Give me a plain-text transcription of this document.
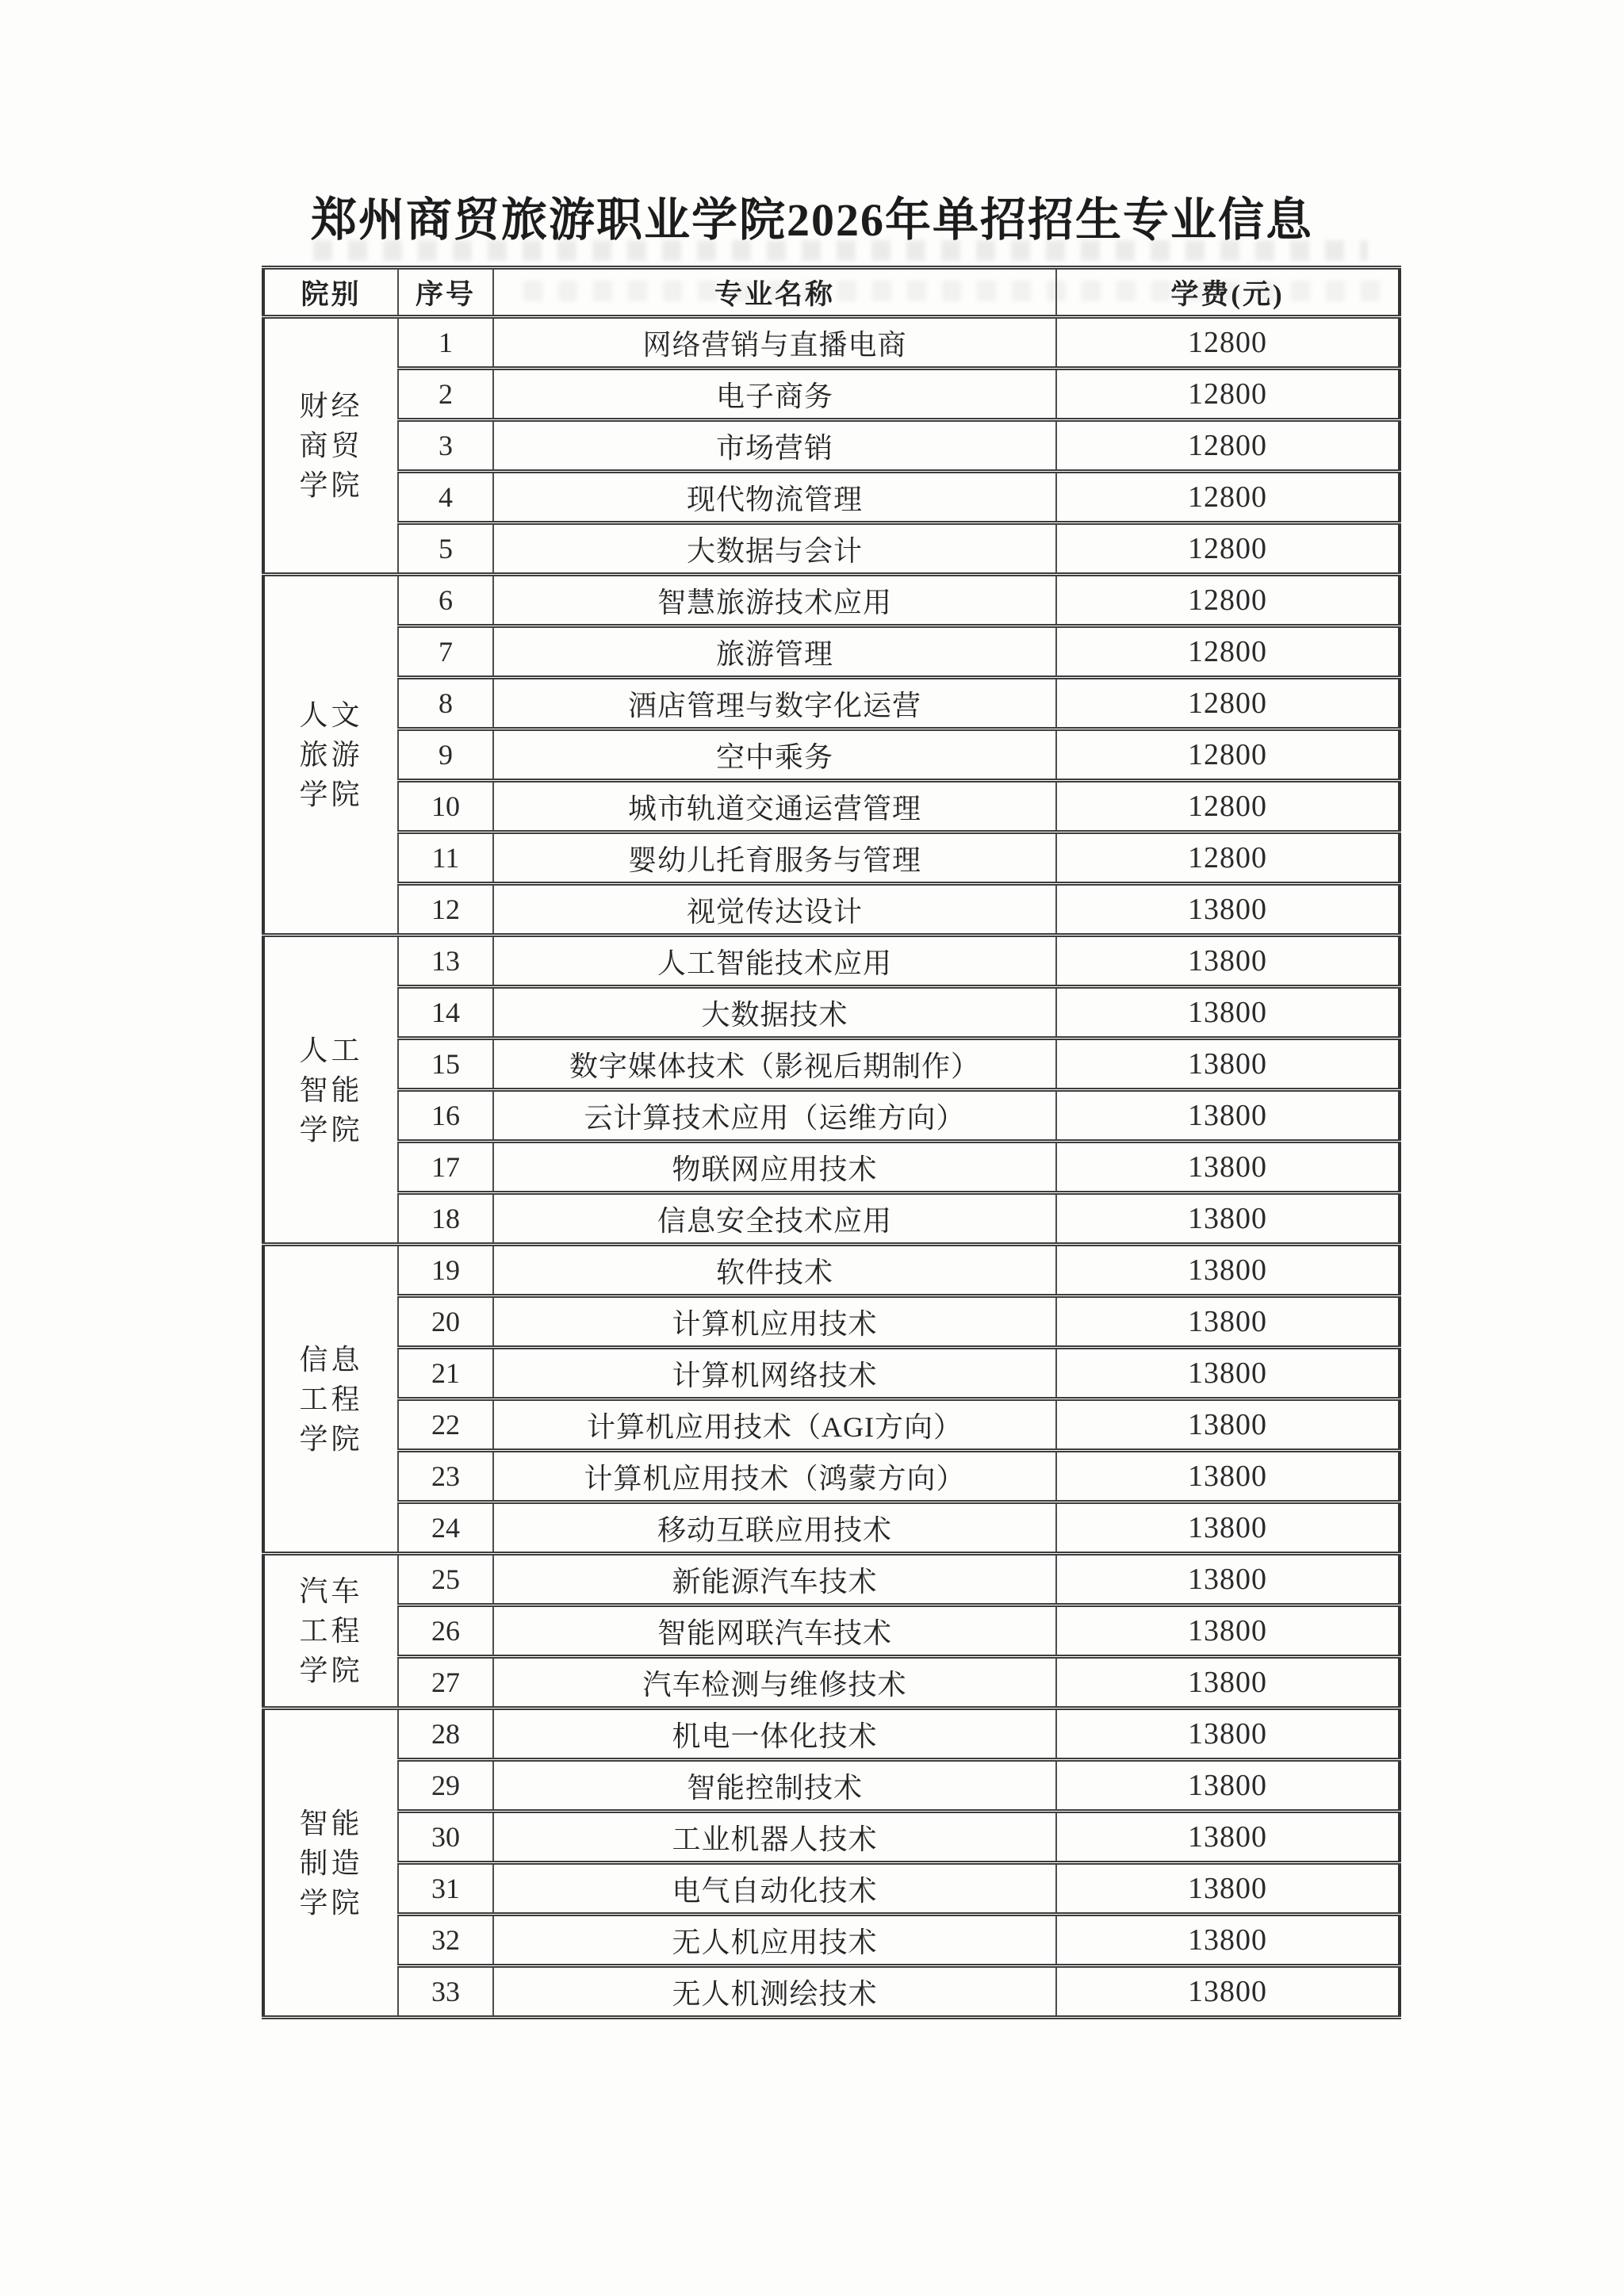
郑州商贸旅游职业学院2026年单招招生专业信息
院别	序号	专业名称	学费(元)

财经
商贸
学院	1	网络营销与直播电商	12800
	2	电子商务	12800
	3	市场营销	12800
	4	现代物流管理	12800
	5	大数据与会计	12800

人文
旅游
学院	6	智慧旅游技术应用	12800
	7	旅游管理	12800
	8	酒店管理与数字化运营	12800
	9	空中乘务	12800
	10	城市轨道交通运营管理	12800
	11	婴幼儿托育服务与管理	12800
	12	视觉传达设计	13800

人工
智能
学院	13	人工智能技术应用	13800
	14	大数据技术	13800
	15	数字媒体技术（影视后期制作）	13800
	16	云计算技术应用（运维方向）	13800
	17	物联网应用技术	13800
	18	信息安全技术应用	13800

信息
工程
学院	19	软件技术	13800
	20	计算机应用技术	13800
	21	计算机网络技术	13800
	22	计算机应用技术（AGI方向）	13800
	23	计算机应用技术（鸿蒙方向）	13800
	24	移动互联应用技术	13800

汽车
工程
学院	25	新能源汽车技术	13800
	26	智能网联汽车技术	13800
	27	汽车检测与维修技术	13800

智能
制造
学院	28	机电一体化技术	13800
	29	智能控制技术	13800
	30	工业机器人技术	13800
	31	电气自动化技术	13800
	32	无人机应用技术	13800
	33	无人机测绘技术	13800
